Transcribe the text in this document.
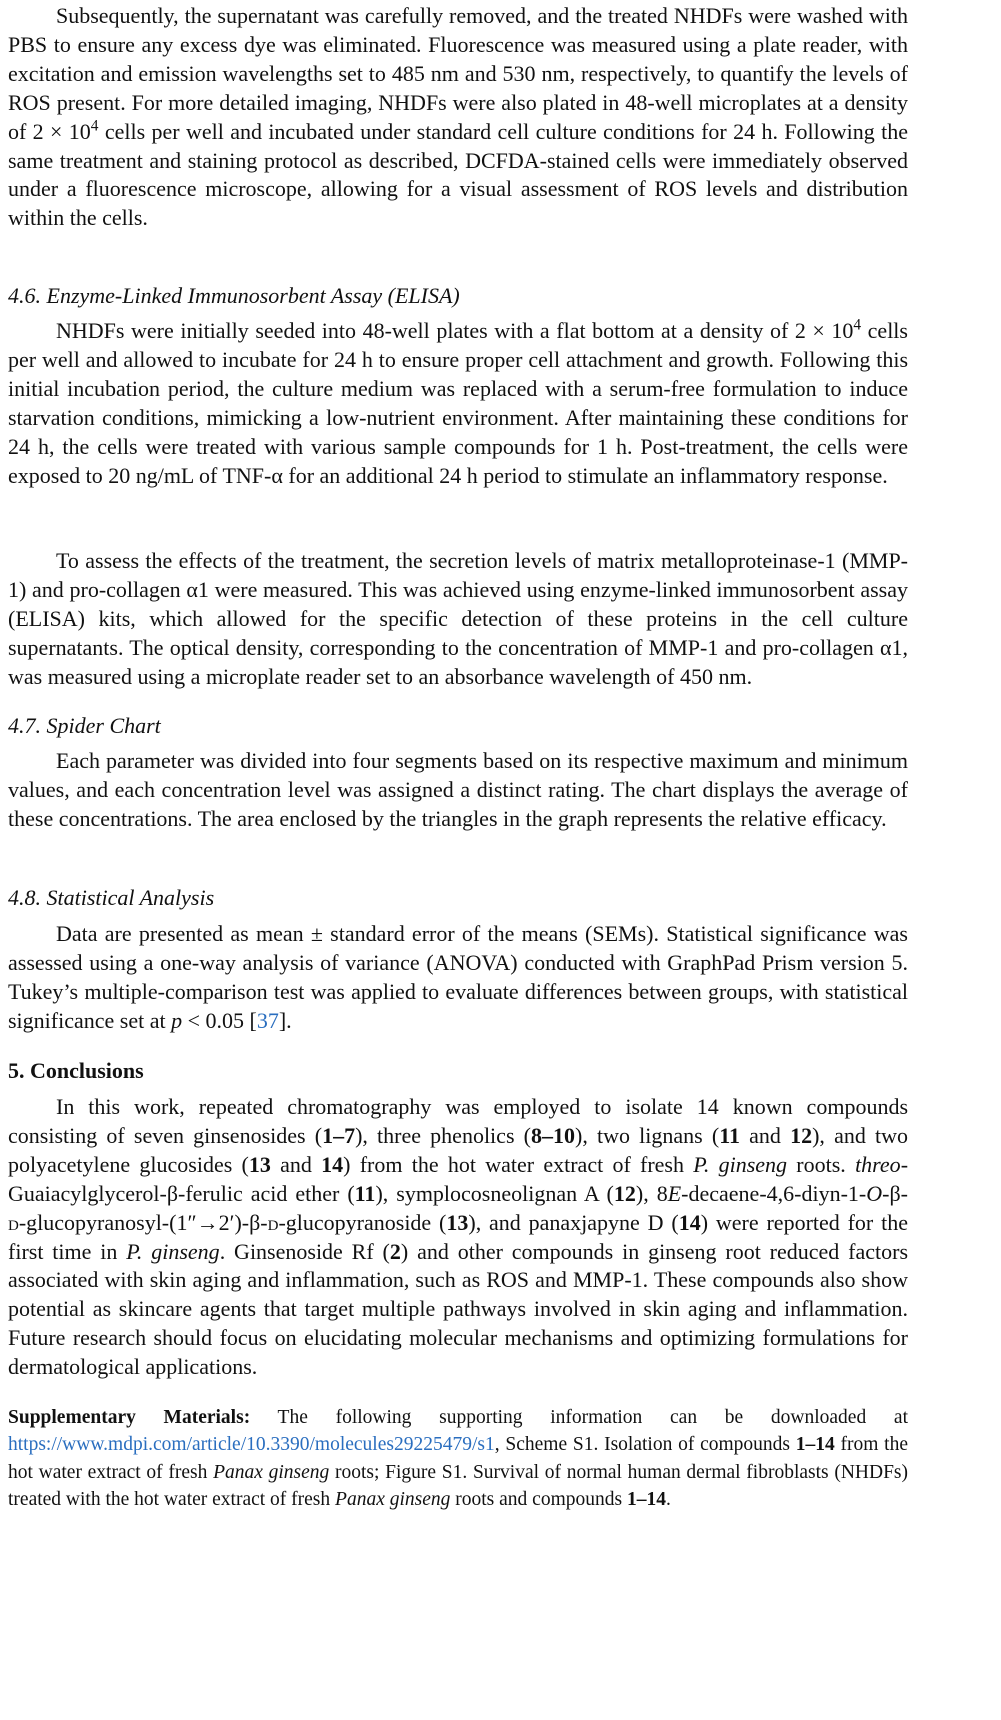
Subsequently, the supernatant was carefully removed, and the treated NHDFs were washed with PBS to ensure any excess dye was eliminated. Fluorescence was measured using a plate reader, with excitation and emission wavelengths set to 485 nm and 530 nm, respectively, to quantify the levels of ROS present. For more detailed imaging, NHDFs were also plated in 48-well microplates at a density of $2 \times 10^4$ cells per well and incubated under standard cell culture conditions for 24 h. Following the same treatment and staining protocol as described, DCFDA-stained cells were immediately observed under a fluorescence microscope, allowing for a visual assessment of ROS levels and distribution within the cells.

4.6. Enzyme-Linked Immunosorbent Assay (ELISA)

NHDFs were initially seeded into 48-well plates with a flat bottom at a density of $2 \times 10^4$ cells per well and allowed to incubate for 24 h to ensure proper cell attachment and growth. Following this initial incubation period, the culture medium was replaced with a serum-free formulation to induce starvation conditions, mimicking a low-nutrient environment. After maintaining these conditions for 24 h, the cells were treated with various sample compounds for 1 h. Post-treatment, the cells were exposed to 20 ng/mL of TNF-α for an additional 24 h period to stimulate an inflammatory response.

To assess the effects of the treatment, the secretion levels of matrix metalloproteinase-1 (MMP-1) and pro-collagen α1 were measured. This was achieved using enzyme-linked immunosorbent assay (ELISA) kits, which allowed for the specific detection of these proteins in the cell culture supernatants. The optical density, corresponding to the concentration of MMP-1 and pro-collagen α1, was measured using a microplate reader set to an absorbance wavelength of 450 nm.

4.7. Spider Chart

Each parameter was divided into four segments based on its respective maximum and minimum values, and each concentration level was assigned a distinct rating. The chart displays the average of these concentrations. The area enclosed by the triangles in the graph represents the relative efficacy.

4.8. Statistical Analysis

Data are presented as mean ± standard error of the means (SEMs). Statistical significance was assessed using a one-way analysis of variance (ANOVA) conducted with GraphPad Prism version 5. Tukey’s multiple-comparison test was applied to evaluate differences between groups, with statistical significance set at p < 0.05 [37].

5. Conclusions

In this work, repeated chromatography was employed to isolate 14 known compounds consisting of seven ginsenosides (1–7), three phenolics (8–10), two lignans (11 and 12), and two polyacetylene glucosides (13 and 14) from the hot water extract of fresh P. ginseng roots. threo-Guaiacylglycerol-β-ferulic acid ether (11), symplocosneolignan A (12), 8E-decaene-4,6-diyn-1-O-β-d-glucopyranosyl-(1″→2′)-β-d-glucopyranoside (13), and panaxjapyne D (14) were reported for the first time in P. ginseng. Ginsenoside Rf (2) and other compounds in ginseng root reduced factors associated with skin aging and inflammation, such as ROS and MMP-1. These compounds also show potential as skincare agents that target multiple pathways involved in skin aging and inflammation. Future research should focus on elucidating molecular mechanisms and optimizing formulations for dermatological applications.

Supplementary Materials: The following supporting information can be downloaded at https://www.mdpi.com/article/10.3390/molecules29225479/s1, Scheme S1. Isolation of compounds 1–14 from the hot water extract of fresh Panax ginseng roots; Figure S1. Survival of normal human dermal fibroblasts (NHDFs) treated with the hot water extract of fresh Panax ginseng roots and compounds 1–14.
